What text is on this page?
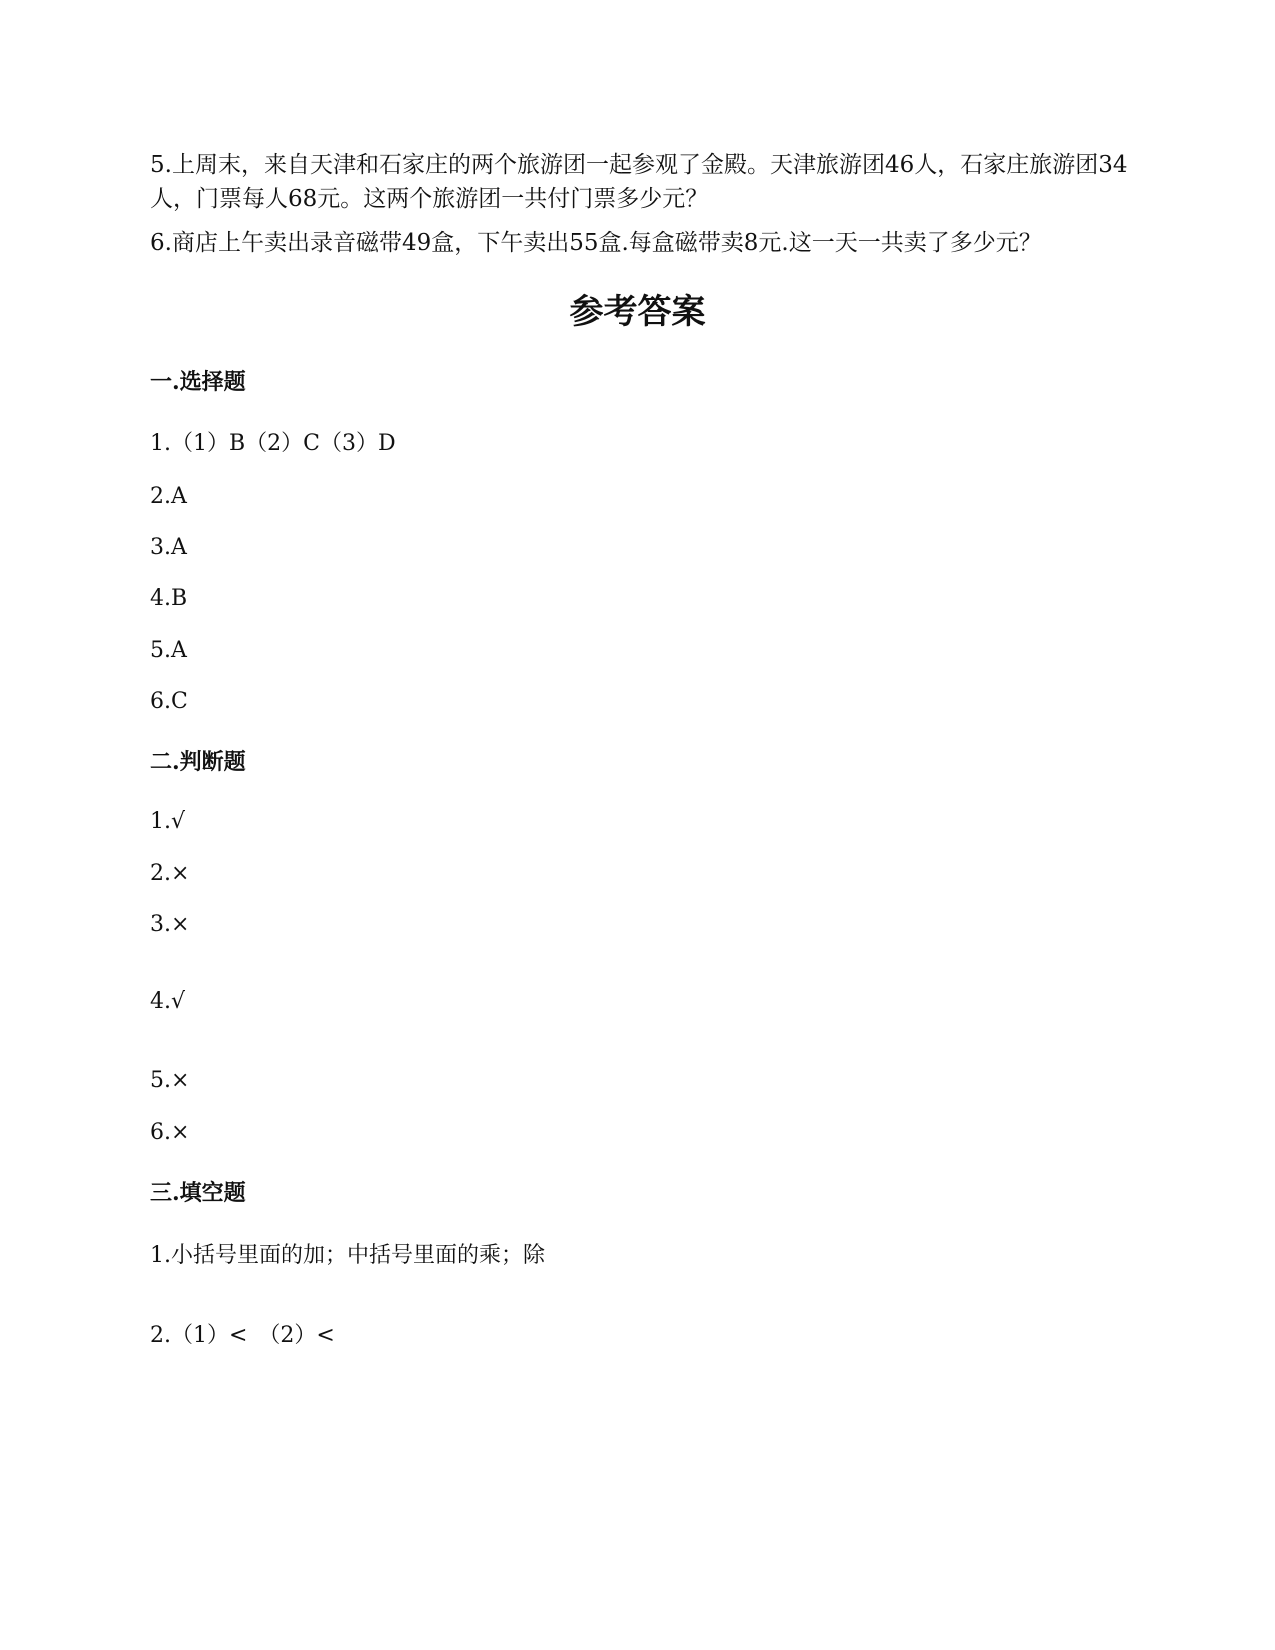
5.上周末，来自天津和石家庄的两个旅游团一起参观了金殿。天津旅游团46人，石家庄旅游团34人，门票每人68元。这两个旅游团一共付门票多少元？
6.商店上午卖出录音磁带49盒，下午卖出55盒.每盒磁带卖8元.这一天一共卖了多少元？
参考答案
一.选择题
1.（1）B（2）C（3）D
2.A
3.A
4.B
5.A
6.C
二.判断题
1.√
2.×
3.×
4.√
5.×
6.×
三.填空题
1.小括号里面的加；中括号里面的乘；除
2.（1）<　（2）<
